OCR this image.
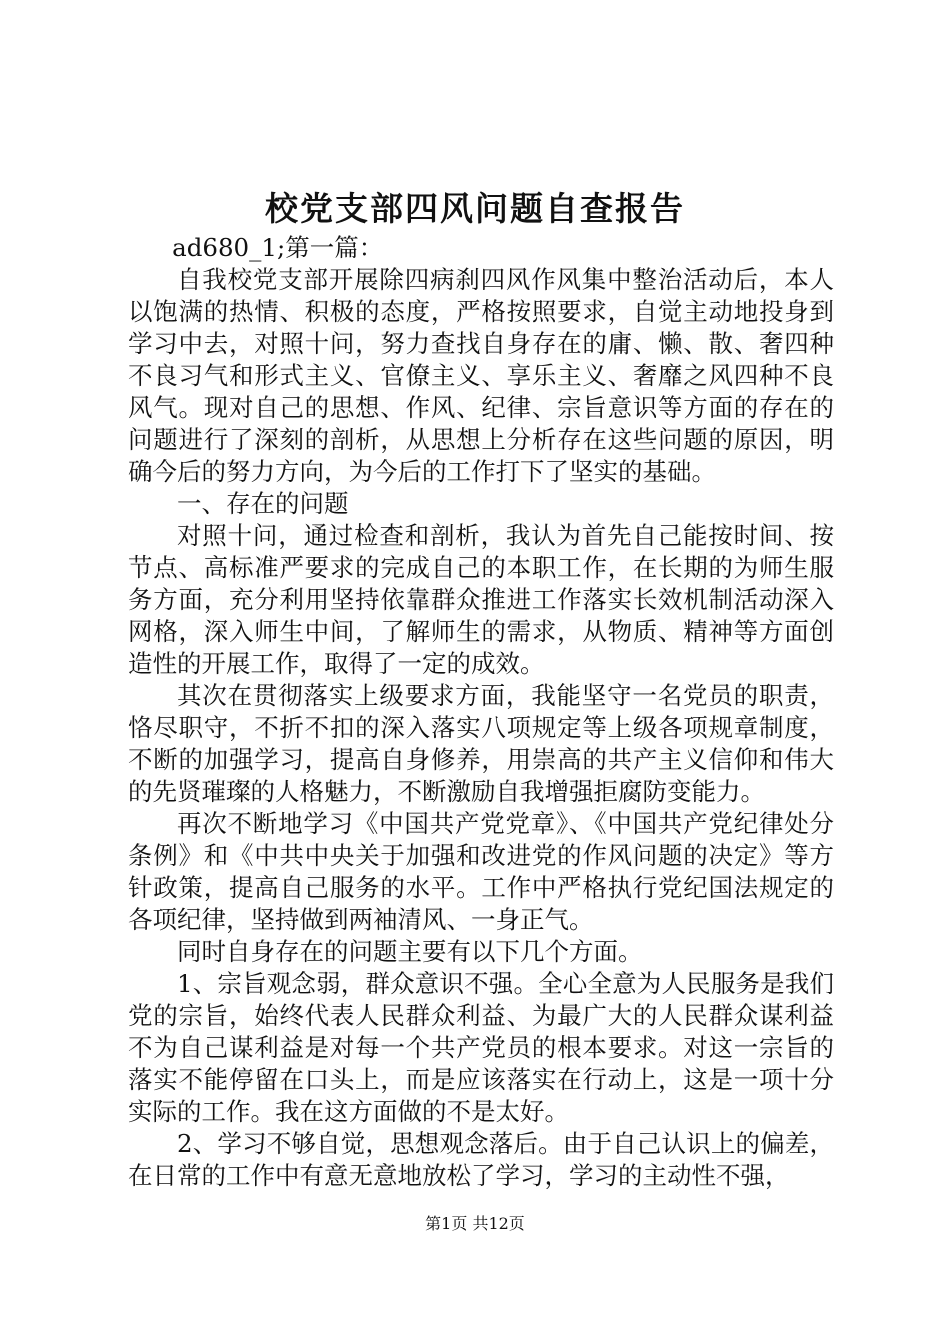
校党支部四风问题自查报告

ad680_1;第一篇：

自我校党支部开展除四病刹四风作风集中整治活动后，本人以饱满的热情、积极的态度，严格按照要求，自觉主动地投身到学习中去，对照十问，努力查找自身存在的庸、懒、散、奢四种不良习气和形式主义、官僚主义、享乐主义、奢靡之风四种不良风气。现对自己的思想、作风、纪律、宗旨意识等方面的存在的问题进行了深刻的剖析，从思想上分析存在这些问题的原因，明确今后的努力方向，为今后的工作打下了坚实的基础。

一、存在的问题

对照十问，通过检查和剖析，我认为首先自己能按时间、按节点、高标准严要求的完成自己的本职工作，在长期的为师生服务方面，充分利用坚持依靠群众推进工作落实长效机制活动深入网格，深入师生中间，了解师生的需求，从物质、精神等方面创造性的开展工作，取得了一定的成效。

其次在贯彻落实上级要求方面，我能坚守一名党员的职责，恪尽职守，不折不扣的深入落实八项规定等上级各项规章制度，不断的加强学习，提高自身修养，用崇高的共产主义信仰和伟大的先贤璀璨的人格魅力，不断激励自我增强拒腐防变能力。

再次不断地学习《中国共产党党章》、《中国共产党纪律处分条例》和《中共中央关于加强和改进党的作风问题的决定》等方针政策，提高自己服务的水平。工作中严格执行党纪国法规定的各项纪律，坚持做到两袖清风、一身正气。

同时自身存在的问题主要有以下几个方面。

1、宗旨观念弱，群众意识不强。全心全意为人民服务是我们党的宗旨，始终代表人民群众利益、为最广大的人民群众谋利益不为自己谋利益是对每一个共产党员的根本要求。对这一宗旨的落实不能停留在口头上，而是应该落实在行动上，这是一项十分实际的工作。我在这方面做的不是太好。

2、学习不够自觉，思想观念落后。由于自己认识上的偏差，在日常的工作中有意无意地放松了学习，学习的主动性不强，

第1页 共12页
